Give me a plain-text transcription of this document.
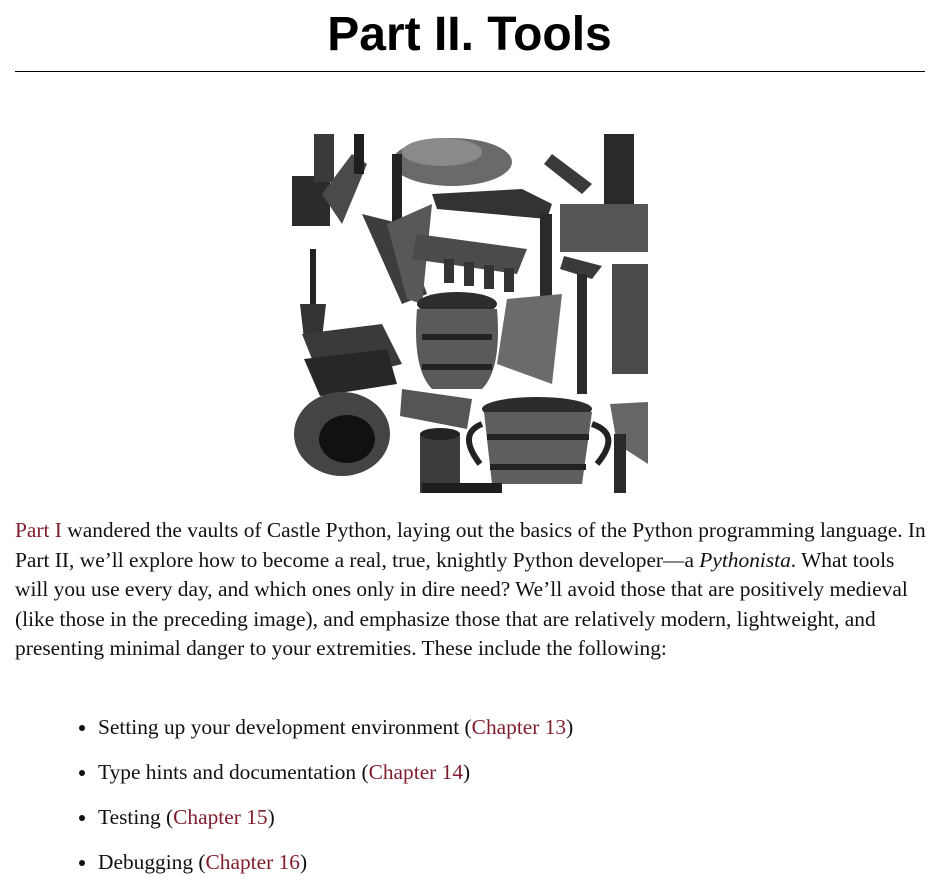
Part II. Tools

Part I wandered the vaults of Castle Python, laying out the basics of the Python programming language. In Part II, we’ll explore how to become a real, true, knightly Python developer—a Pythonista. What tools will you use every day, and which ones only in dire need? We’ll avoid those that are positively medieval (like those in the preceding image), and emphasize those that are relatively modern, lightweight, and presenting minimal danger to your extremities. These include the following:

• Setting up your development environment (Chapter 13)
• Type hints and documentation (Chapter 14)
• Testing (Chapter 15)
• Debugging (Chapter 16)
